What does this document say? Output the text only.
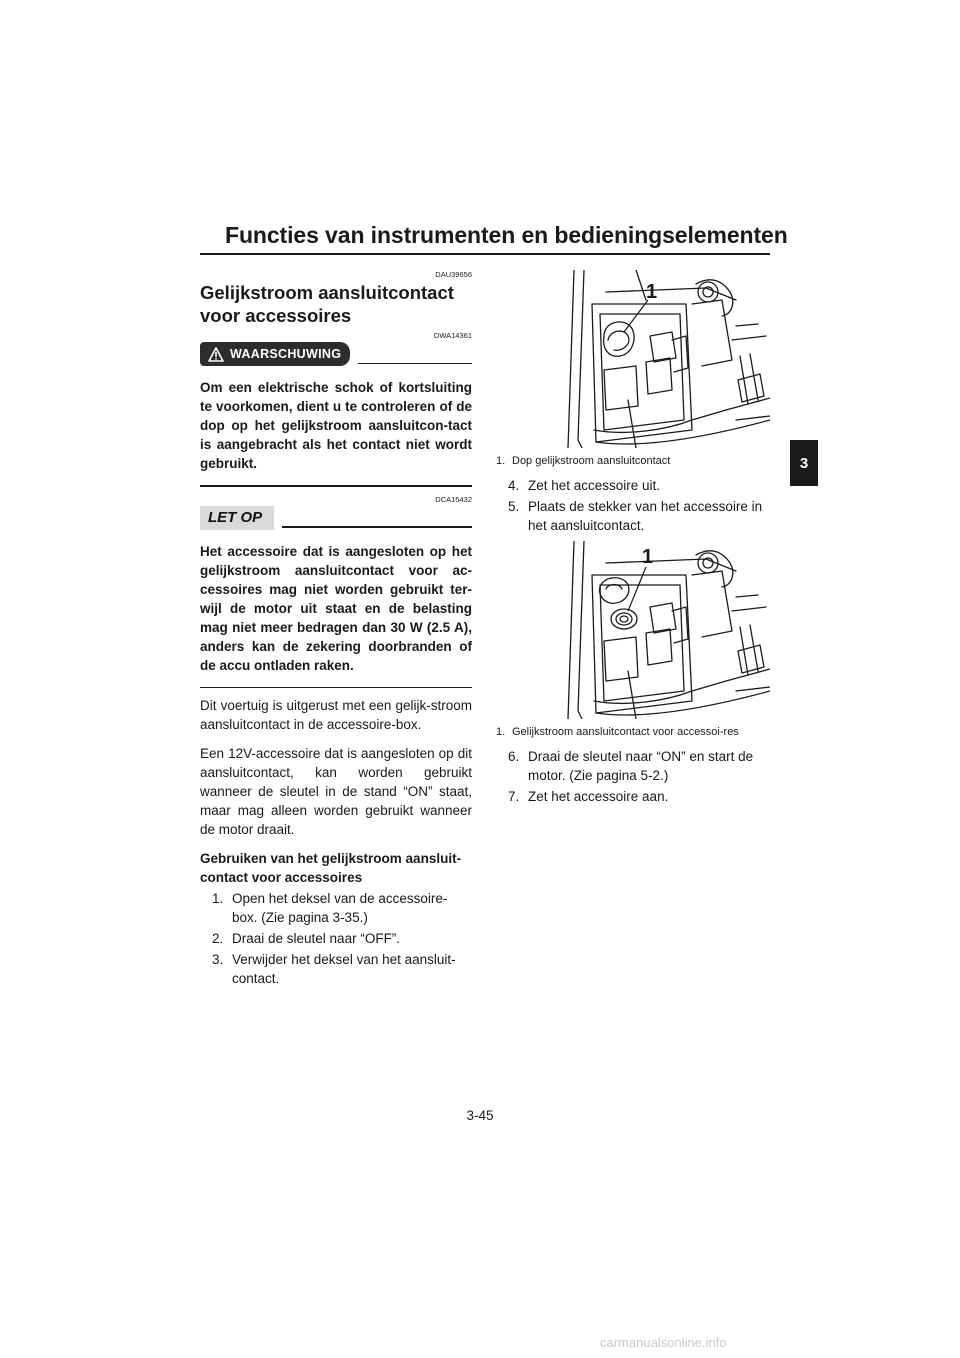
Functies van instrumenten en bedieningselementen
3
DAU39656
Gelijkstroom aansluitcontact voor accessoires
DWA14361
WAARSCHUWING
Om een elektrische schok of kortsluiting te voorkomen, dient u te controleren of de dop op het gelijkstroom aansluitcon-tact is aangebracht als het contact niet wordt gebruikt.
DCA15432
LET OP
Het accessoire dat is aangesloten op het gelijkstroom aansluitcontact voor ac-cessoires mag niet worden gebruikt ter-wijl de motor uit staat en de belasting mag niet meer bedragen dan 30 W (2.5 A), anders kan de zekering doorbranden of de accu ontladen raken.
Dit voertuig is uitgerust met een gelijk-stroom aansluitcontact in de accessoire-box.
Een 12V-accessoire dat is aangesloten op dit aansluitcontact, kan worden gebruikt wanneer de sleutel in de stand “ON” staat, maar mag alleen worden gebruikt wanneer de motor draait.
Gebruiken van het gelijkstroom aansluit-contact voor accessoires
1. Open het deksel van de accessoire-box. (Zie pagina 3-35.)
2. Draai de sleutel naar “OFF”.
3. Verwijder het deksel van het aansluit-contact.
1
1. Dop gelijkstroom aansluitcontact
4. Zet het accessoire uit.
5. Plaats de stekker van het accessoire in het aansluitcontact.
1
1. Gelijkstroom aansluitcontact voor accessoi-res
6. Draai de sleutel naar “ON” en start de motor. (Zie pagina 5-2.)
7. Zet het accessoire aan.
3-45
carmanualsonline.info
